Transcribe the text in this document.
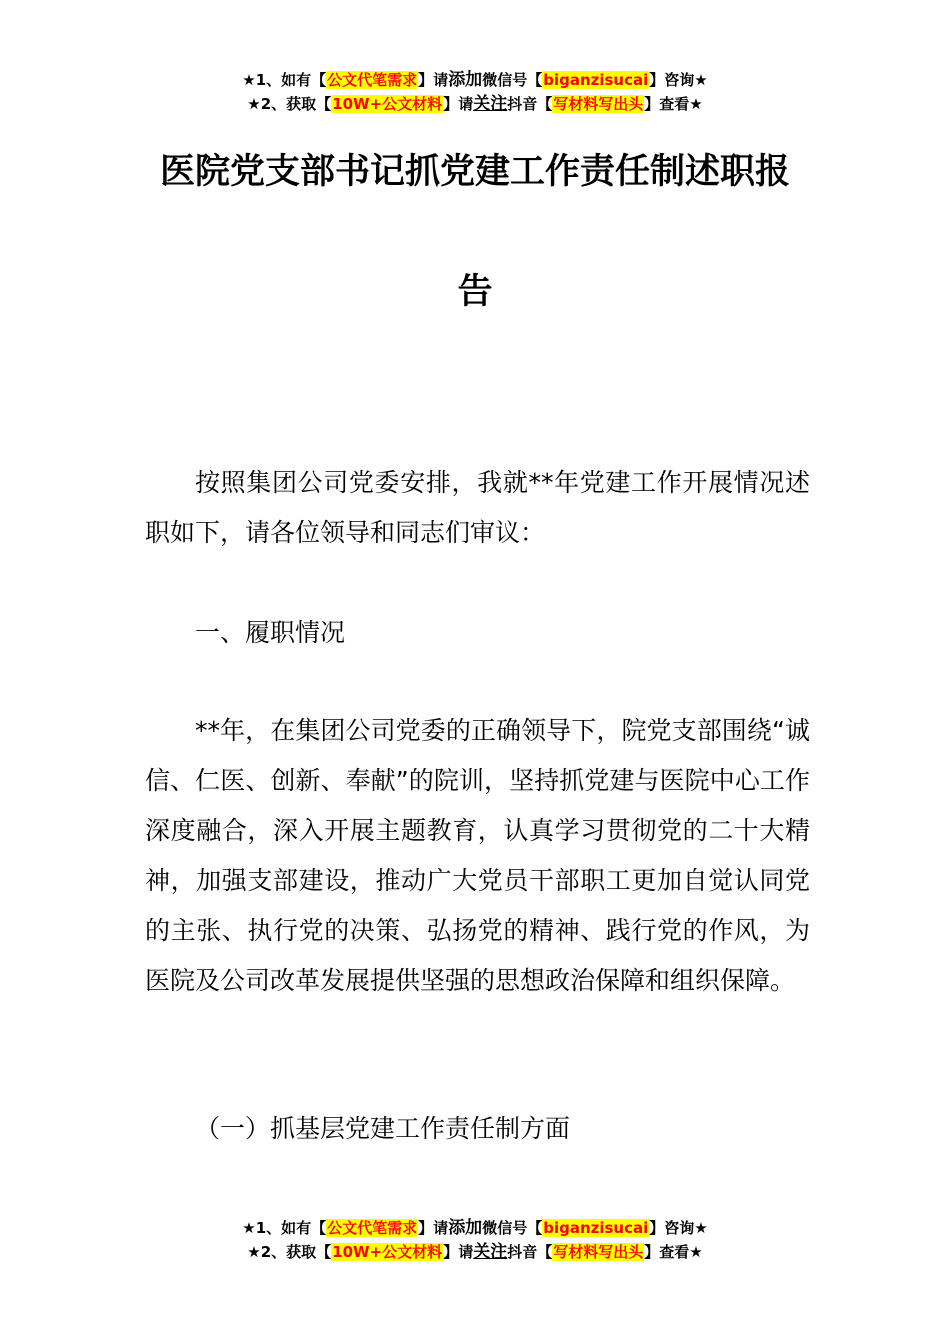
★1、如有【公文代笔需求】请添加微信号【biganzisucai】咨询★
★2、获取【10W+公文材料】请关注抖音【写材料写出头】查看★
医院党支部书记抓党建工作责任制述职报
告

按照集团公司党委安排，我就**年党建工作开展情况述职如下，请各位领导和同志们审议：

一、履职情况

**年，在集团公司党委的正确领导下，院党支部围绕“诚信、仁医、创新、奉献”的院训，坚持抓党建与医院中心工作深度融合，深入开展主题教育，认真学习贯彻党的二十大精神，加强支部建设，推动广大党员干部职工更加自觉认同党的主张、执行党的决策、弘扬党的精神、践行党的作风，为医院及公司改革发展提供坚强的思想政治保障和组织保障。

（一）抓基层党建工作责任制方面

★1、如有【公文代笔需求】请添加微信号【biganzisucai】咨询★
★2、获取【10W+公文材料】请关注抖音【写材料写出头】查看★
